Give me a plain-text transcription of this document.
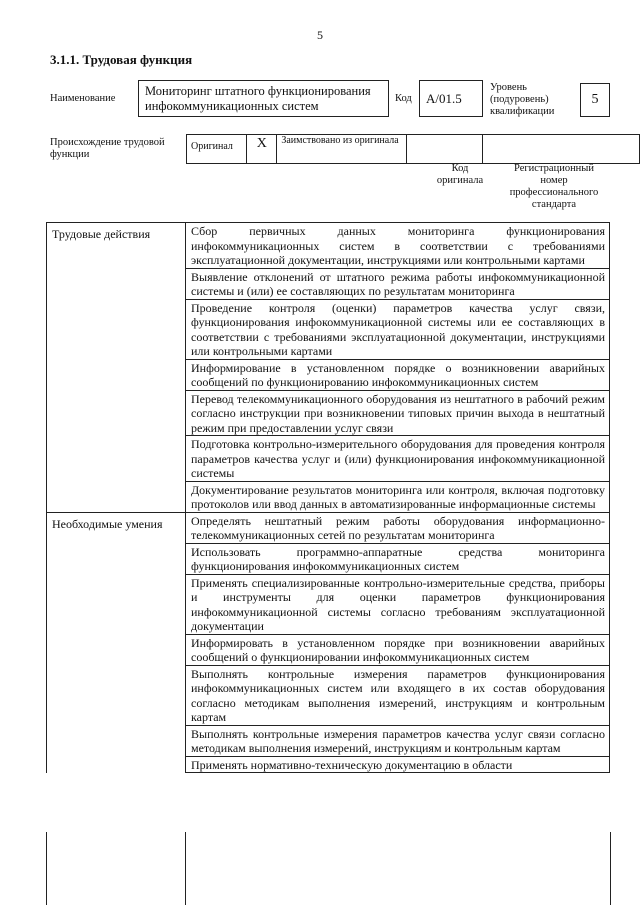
5
3.1.1. Трудовая функция
Наименование
Мониторинг штатного функционирования инфокоммуникационных систем
Код	А/01.5
Уровень (подуровень) квалификации
5
Происхождение трудовой функции
Оригинал	X	Заимствовано из оригинала		
Код оригинала
Регистрационный номер профессионального стандарта
Трудовые действия	Сбор первичных данных мониторинга функционирования инфокоммуникационных систем в соответствии с требованиями эксплуатационной документации, инструкциями или контрольными картами
	Выявление отклонений от штатного режима работы инфокоммуникационной системы и (или) ее составляющих по результатам мониторинга
	Проведение контроля (оценки) параметров качества услуг связи, функционирования инфокоммуникационной системы или ее составляющих в соответствии с требованиями эксплуатационной документации, инструкциями или контрольными картами
	Информирование в установленном порядке о возникновении аварийных сообщений по функционированию инфокоммуникационных систем
	Перевод телекоммуникационного оборудования из нештатного в рабочий режим согласно инструкции при возникновении типовых причин выхода в нештатный режим при предоставлении услуг связи
	Подготовка контрольно-измерительного оборудования для проведения контроля параметров качества услуг и (или) функционирования инфокоммуникационной системы
	Документирование результатов мониторинга или контроля, включая подготовку протоколов или ввод данных в автоматизированные информационные системы
Необходимые умения	Определять нештатный режим работы оборудования информационно-телекоммуникационных сетей по результатам мониторинга
	Использовать программно-аппаратные средства мониторинга функционирования инфокоммуникационных систем
	Применять специализированные контрольно-измерительные средства, приборы и инструменты для оценки параметров функционирования инфокоммуникационной системы согласно требованиям эксплуатационной документации
	Информировать в установленном порядке при возникновении аварийных сообщений о функционировании инфокоммуникационных систем
	Выполнять контрольные измерения параметров функционирования инфокоммуникационных систем или входящего в их состав оборудования согласно методикам выполнения измерений, инструкциям и контрольным картам
	Выполнять контрольные измерения параметров качества услуг связи согласно методикам выполнения измерений, инструкциям и контрольным картам
	Применять нормативно-техническую документацию в области
